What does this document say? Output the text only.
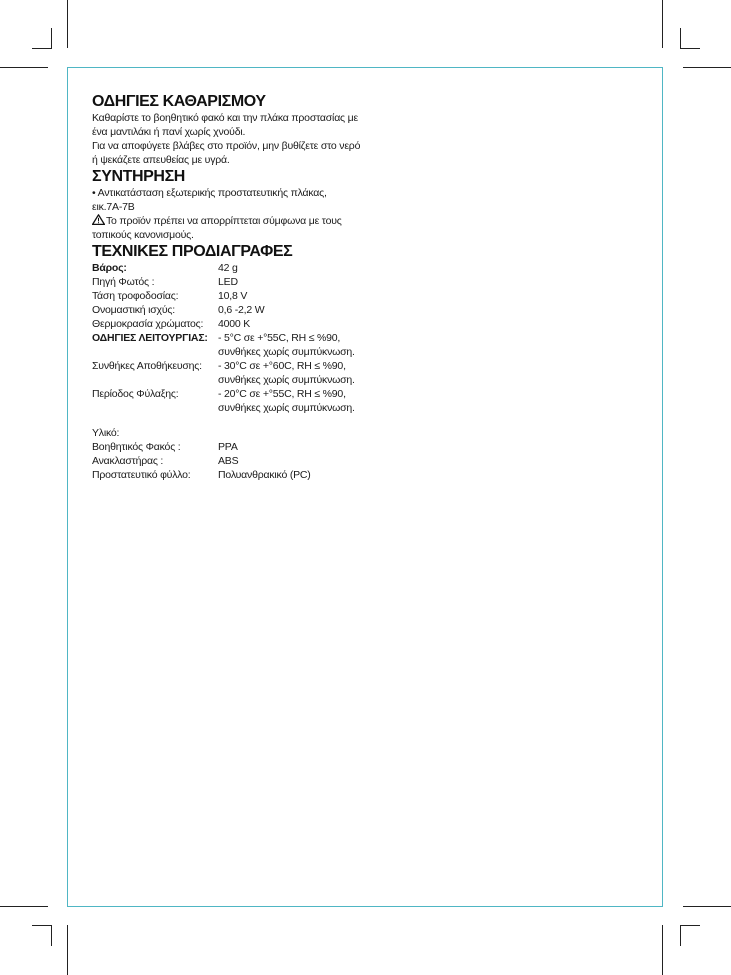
ΟΔΗΓΙΕΣ ΚΑΘΑΡΙΣΜΟΥ

Καθαρίστε το βοηθητικό φακό και την πλάκα προστασίας με

ένα μαντιλάκι ή πανί χωρίς χνούδι.

Για να αποφύγετε βλάβες στο προϊόν, μην βυθίζετε στο νερό

ή ψεκάζετε απευθείας με υγρά.

ΣΥΝΤΗΡΗΣΗ

• Αντικατάσταση εξωτερικής προστατευτικής πλάκας,

εικ.7A-7B

Το προϊόν πρέπει να απορρίπτεται σύμφωνα με τους

τοπικούς κανονισμούς.

ΤΕΧΝΙΚΕΣ ΠΡΟΔΙΑΓΡΑΦΕΣ
Βάρος:	42 g
Πηγή Φωτός :	LED
Τάση τροφοδοσίας:	10,8 V
Ονομαστική ισχύς:	0,6 -2,2 W
Θερμοκρασία χρώματος:	4000 K
ΟΔΗΓΙΕΣ ΛΕΙΤΟΥΡΓΙΑΣ: - 5°C σε +°55C, RH ≤ %90,
συνθήκες χωρίς συμπύκνωση.
Συνθήκες Αποθήκευσης:	- 30°C σε +°60C, RH ≤ %90,
συνθήκες χωρίς συμπύκνωση.
Περίοδος Φύλαξης:	- 20°C σε +°55C, RH ≤ %90,
συνθήκες χωρίς συμπύκνωση.

Υλικό:

Βοηθητικός Φακός :	PPA
Ανακλαστήρας :	ABS
Προστατευτικό φύλλο:	Πολυανθρακικό (PC)
